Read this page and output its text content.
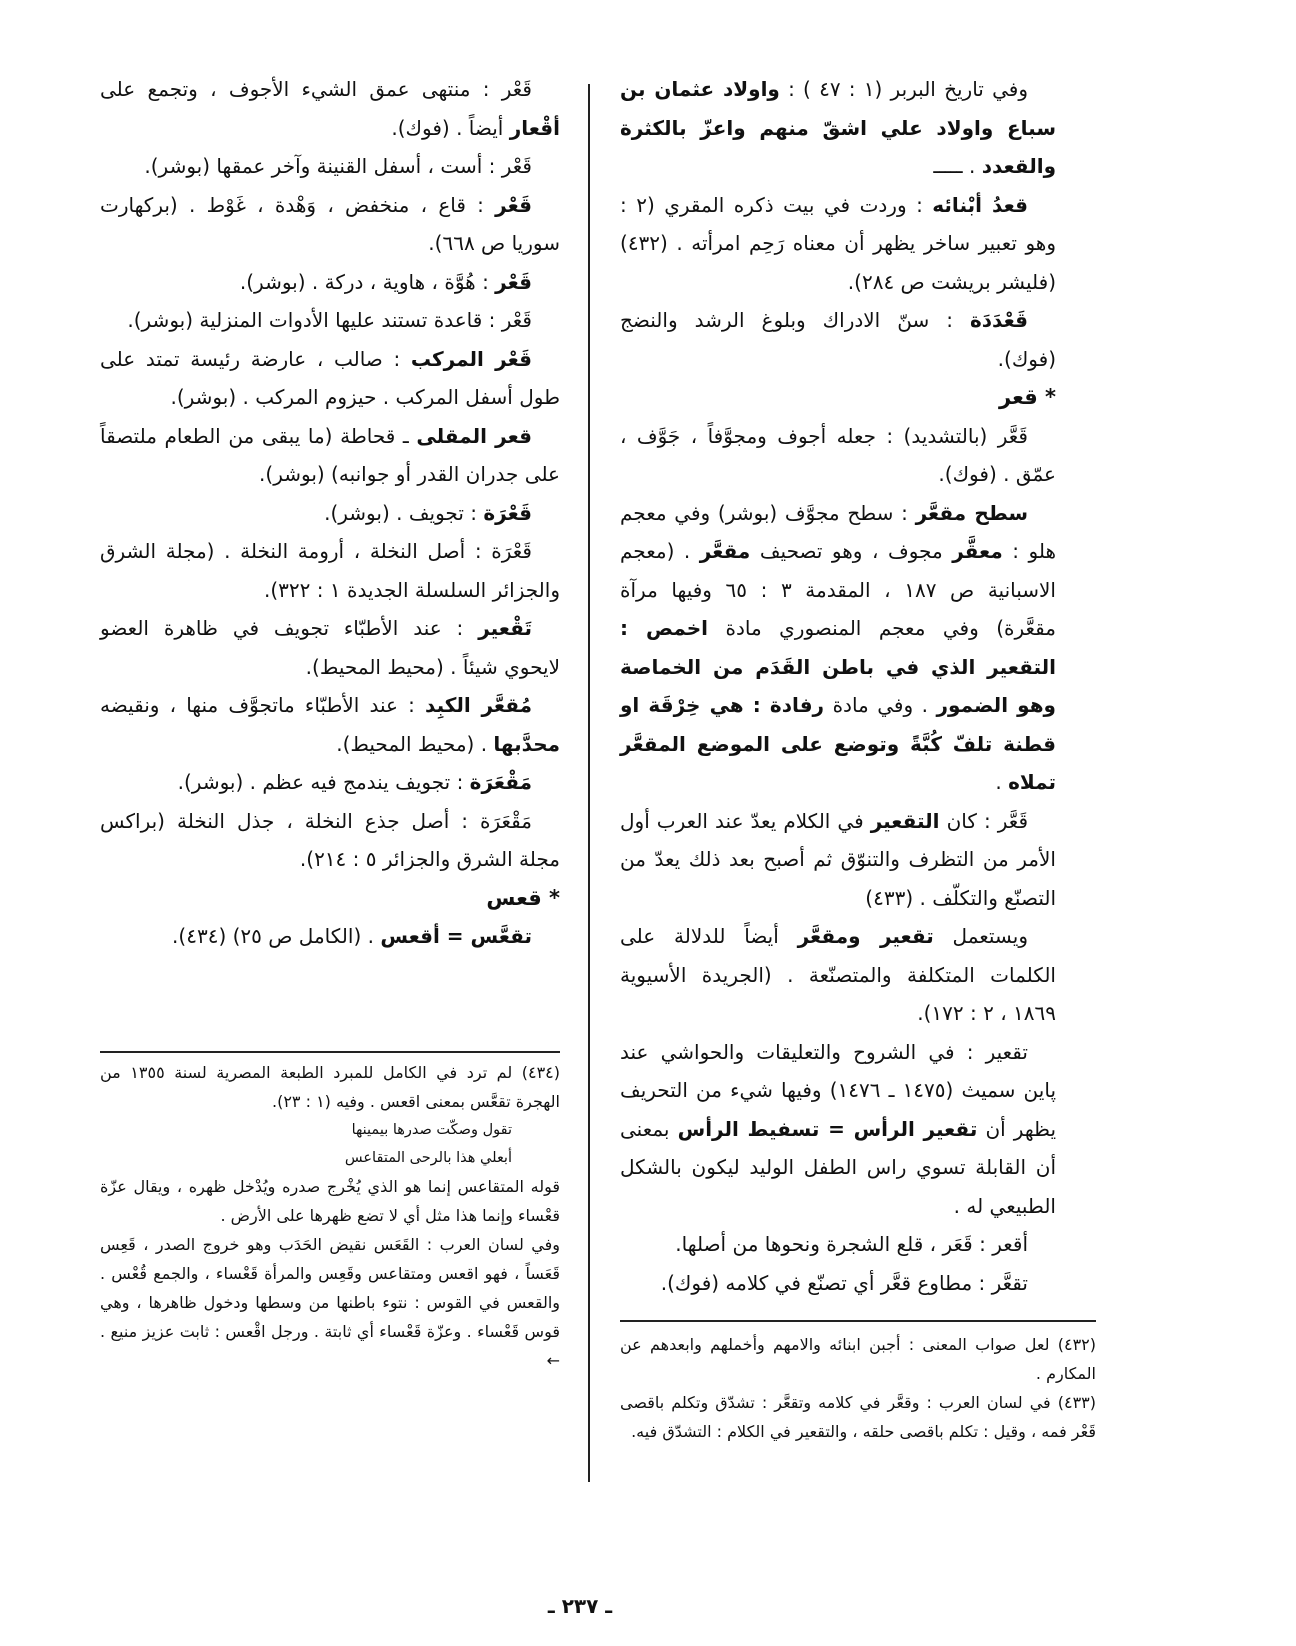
وفي تاريخ البربر (١ : ٤٧ ) : واولاد عثمان بن سباع واولاد علي اشقّ منهم واعزّ بالكثرة والقعدد . ـــــ

قعدُ أبْنائه : وردت في بيت ذكره المقري (٢ : وهو تعبير ساخر يظهر أن معناه رَحِم امرأته . (٤٣٢) (فليشر بريشت ص ٢٨٤).

قَعْدَدَة : سنّ الادراك وبلوغ الرشد والنضج (فوك).

* قعر

قَعَّر (بالتشديد) : جعله أجوف ومجوَّفاً ، جَوَّف ، عمّق . (فوك).

سطح مقعَّر : سطح مجوَّف (بوشر) وفي معجم هلو : معقَّر مجوف ، وهو تصحيف مقعَّر . (معجم الاسبانية ص ١٨٧ ، المقدمة ٣ : ٦٥ وفيها مرآة مقعَّرة) وفي معجم المنصوري مادة اخمص : التقعير الذي في باطن القَدَم من الخماصة وهو الضمور . وفي مادة رفادة : هي خِرْقَة او قطنة تلفّ كُبَّةً وتوضع على الموضع المقعَّر تملاه .

قَعَّر : كان التقعير في الكلام يعدّ عند العرب أول الأمر من التظرف والتنوّق ثم أصبح بعد ذلك يعدّ من التصنّع والتكلّف . (٤٣٣)

ويستعمل تقعير ومقعَّر أيضاً للدلالة على الكلمات المتكلفة والمتصنّعة . (الجريدة الأسيوية ١٨٦٩ ، ٢ : ١٧٢).

تقعير : في الشروح والتعليقات والحواشي عند پاين سميث (١٤٧٥ ـ ١٤٧٦) وفيها شيء من التحريف يظهر أن تقعير الرأس = تسفيط الرأس بمعنى أن القابلة تسوي راس الطفل الوليد ليكون بالشكل الطبيعي له .

أقعر : قَعَر ، قلع الشجرة ونحوها من أصلها.

تقعَّر : مطاوع قعَّر أي تصنّع في كلامه (فوك).

قَعْر : منتهى عمق الشيء الأجوف ، وتجمع على أقْعار أيضاً . (فوك).

قَعْر : أست ، أسفل القنينة وآخر عمقها (بوشر).

قَعْر : قاع ، منخفض ، وَهْدة ، غَوْط . (بركهارت سوريا ص ٦٦٨).

قَعْر : هُوَّة ، هاوية ، دركة . (بوشر).

قَعْر : قاعدة تستند عليها الأدوات المنزلية (بوشر).

قَعْر المركب : صالب ، عارضة رئيسة تمتد على طول أسفل المركب . حيزوم المركب . (بوشر).

قعر المقلى ـ قحاطة (ما يبقى من الطعام ملتصقاً على جدران القدر أو جوانبه) (بوشر).

قَعْرَة : تجويف . (بوشر).

قَعْرَة : أصل النخلة ، أرومة النخلة . (مجلة الشرق والجزائر السلسلة الجديدة ١ : ٣٢٢).

تَقْعير : عند الأطبّاء تجويف في ظاهرة العضو لايحوي شيئاً . (محيط المحيط).

مُقعَّر الكبِد : عند الأطبّاء ماتجوَّف منها ، ونقيضه محدَّبها . (محيط المحيط).

مَقْعَرَة : تجويف يندمج فيه عظم . (بوشر).

مَقْعَرَة : أصل جذع النخلة ، جذل النخلة (براكس مجلة الشرق والجزائر ٥ : ٢١٤).

* قعس

تقعَّس = أقعس . (الكامل ص ٢٥) (٤٣٤).

(٤٣٤) لم ترد في الكامل للمبرد الطبعة المصرية لسنة ١٣٥٥ من الهجرة تقعَّس بمعنى اقعس . وفيه (١ : ٢٣).
تقول وصكّت صدرها بيمينها
أبعلي هذا بالرحى المتقاعس
قوله المتقاعس إنما هو الذي يُخْرج صدره ويُدْخل ظهره ، ويقال عزّة قعْساء وإنما هذا مثل أي لا تضع ظهرها على الأرض .
وفي لسان العرب : القَعَس نقيض الحَدَب وهو خروج الصدر ، قَعِس قَعَساً ، فهو اقعس ومتقاعس وقَعِس والمرأة قَعْساء ، والجمع قُعْس . والقعس في القوس : نتوء باطنها من وسطها ودخول ظاهرها ، وهي قوس قَعْساء . وعزّة قَعْساء أي ثابتة . ورجل اقْعس : ثابت عزيز منيع . ←
(٤٣٢) لعل صواب المعنى : أجبن ابنائه والامهم وأخملهم وابعدهم عن المكارم .
(٤٣٣) في لسان العرب : وقعَّر في كلامه وتقعَّر : تشدّق وتكلم باقصى قَعْر فمه ، وقيل : تكلم باقصى حلقه ، والتقعير في الكلام : التشدّق فيه.
ـ ٢٣٧ ـ
